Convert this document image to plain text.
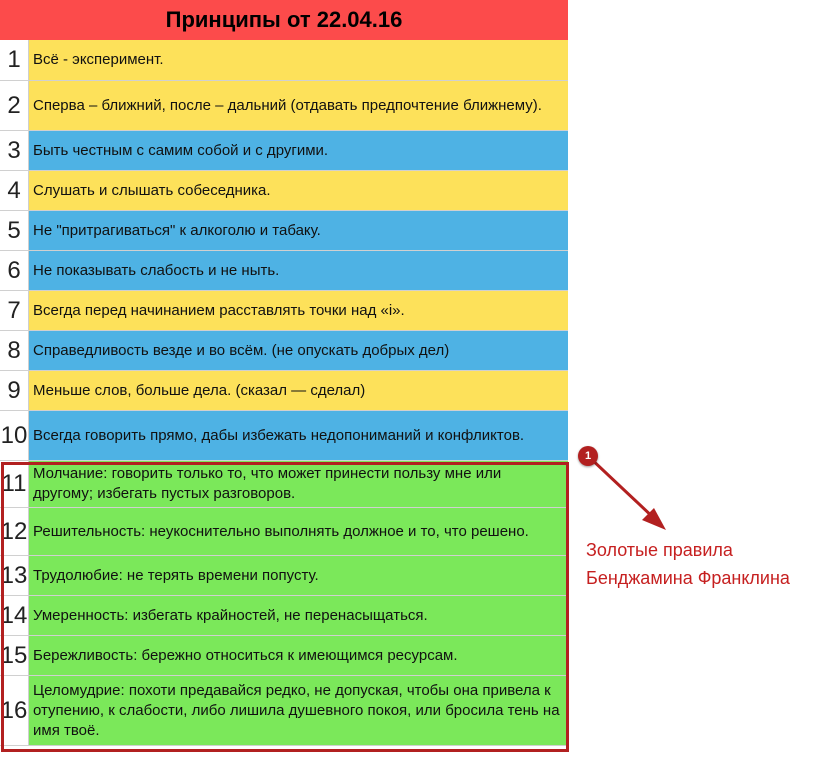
Принципы от 22.04.16
1 Всё - эксперимент.
2 Сперва – ближний, после – дальний (отдавать предпочтение ближнему).
3 Быть честным с самим собой и с другими.
4 Слушать и слышать собеседника.
5 Не "притрагиваться" к алкоголю и табаку.
6 Не показывать слабость и не ныть.
7 Всегда перед начинанием расставлять точки над «i».
8 Справедливость везде и во всём. (не опускать добрых дел)
9 Меньше слов, больше дела. (сказал — сделал)
10 Всегда говорить прямо, дабы избежать недопониманий и конфликтов.
11 Молчание: говорить только то, что может принести пользу мне или другому; избегать пустых разговоров.
12 Решительность: неукоснительно выполнять должное и то, что решено.
13 Трудолюбие: не терять времени попусту.
14 Умеренность: избегать крайностей, не перенасыщаться.
15 Бережливость: бережно относиться к имеющимся ресурсам.
16
Целомудрие: похоти предавайся редко, не допуская, чтобы она привела к отупению, к слабости, либо лишила душевного покоя, или бросила тень на имя твоё.
1
Золотые правила
Бенджамина Франклина
